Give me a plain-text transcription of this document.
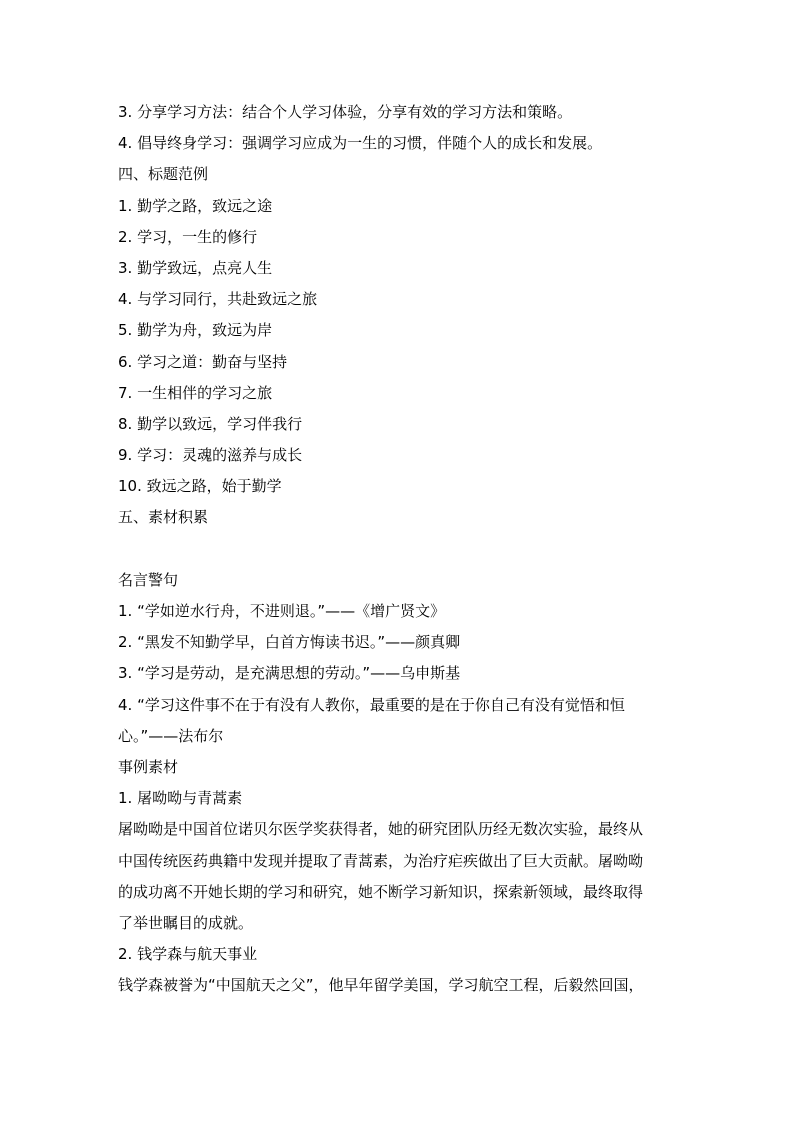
3. 分享学习方法：结合个人学习体验，分享有效的学习方法和策略。
4. 倡导终身学习：强调学习应成为一生的习惯，伴随个人的成长和发展。
四、标题范例
1. 勤学之路，致远之途
2. 学习，一生的修行
3. 勤学致远，点亮人生
4. 与学习同行，共赴致远之旅
5. 勤学为舟，致远为岸
6. 学习之道：勤奋与坚持
7. 一生相伴的学习之旅
8. 勤学以致远，学习伴我行
9. 学习：灵魂的滋养与成长
10. 致远之路，始于勤学
五、素材积累
名言警句
1. “学如逆水行舟，不进则退。”——《增广贤文》
2. “黑发不知勤学早，白首方悔读书迟。”——颜真卿
3. “学习是劳动，是充满思想的劳动。”——乌申斯基
4. “学习这件事不在于有没有人教你，最重要的是在于你自己有没有觉悟和恒
心。”——法布尔
事例素材
1. 屠呦呦与青蒿素
屠呦呦是中国首位诺贝尔医学奖获得者，她的研究团队历经无数次实验，最终从
中国传统医药典籍中发现并提取了青蒿素，为治疗疟疾做出了巨大贡献。屠呦呦
的成功离不开她长期的学习和研究，她不断学习新知识，探索新领域，最终取得
了举世瞩目的成就。
2. 钱学森与航天事业
钱学森被誉为“中国航天之父”，他早年留学美国，学习航空工程，后毅然回国，
